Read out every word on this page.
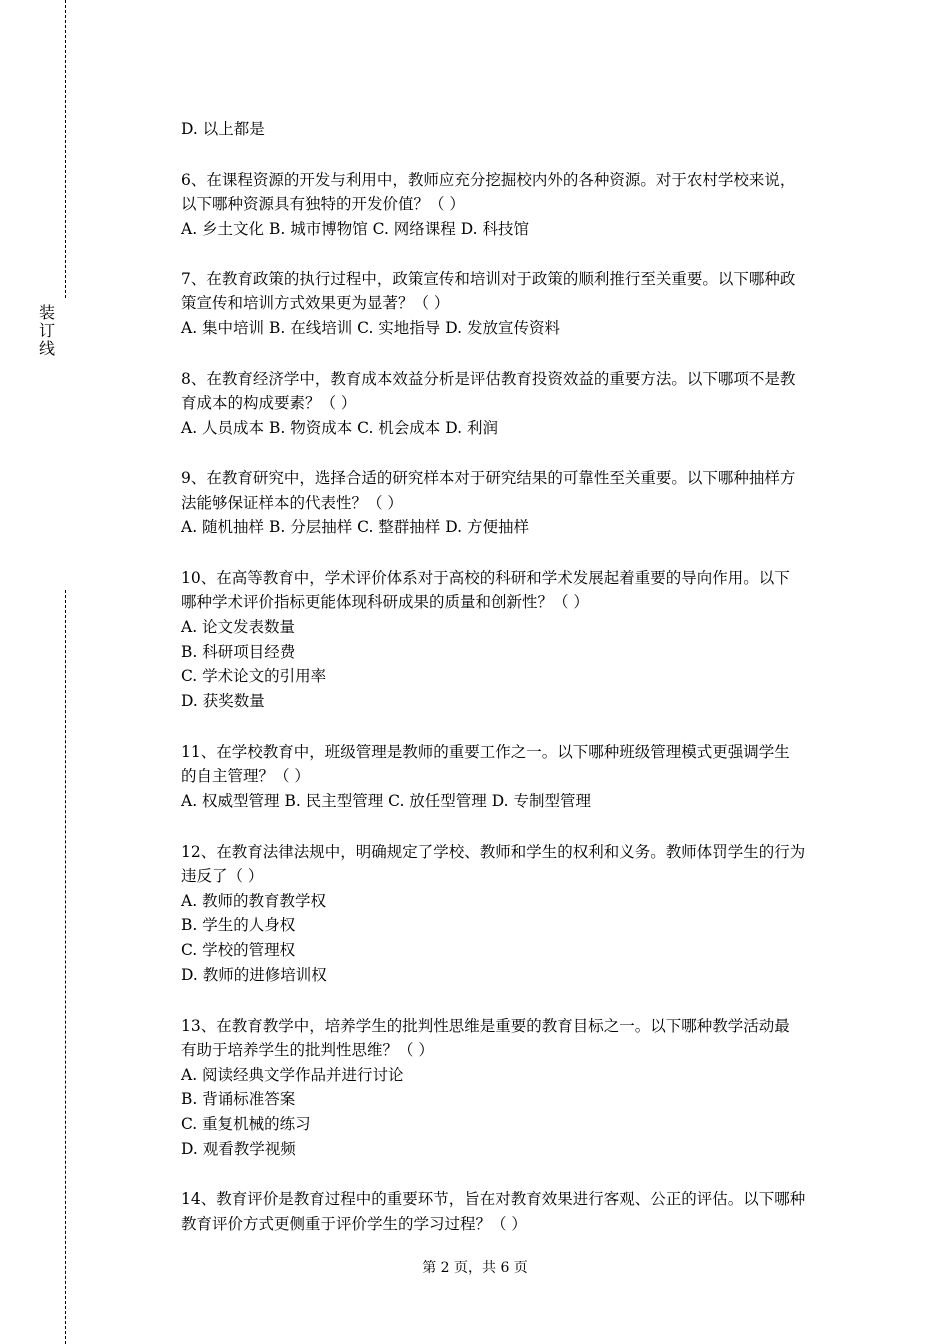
装
订
线
D. 以上都是
6、在课程资源的开发与利用中，教师应充分挖掘校内外的各种资源。对于农村学校来说，
以下哪种资源具有独特的开发价值？（ ）
A. 乡土文化 B. 城市博物馆 C. 网络课程 D. 科技馆
7、在教育政策的执行过程中，政策宣传和培训对于政策的顺利推行至关重要。以下哪种政
策宣传和培训方式效果更为显著？（ ）
A. 集中培训 B. 在线培训 C. 实地指导 D. 发放宣传资料
8、在教育经济学中，教育成本效益分析是评估教育投资效益的重要方法。以下哪项不是教
育成本的构成要素？（ ）
A. 人员成本 B. 物资成本 C. 机会成本 D. 利润
9、在教育研究中，选择合适的研究样本对于研究结果的可靠性至关重要。以下哪种抽样方
法能够保证样本的代表性？（ ）
A. 随机抽样 B. 分层抽样 C. 整群抽样 D. 方便抽样
10、在高等教育中，学术评价体系对于高校的科研和学术发展起着重要的导向作用。以下
哪种学术评价指标更能体现科研成果的质量和创新性？（ ）
A. 论文发表数量
B. 科研项目经费
C. 学术论文的引用率
D. 获奖数量
11、在学校教育中，班级管理是教师的重要工作之一。以下哪种班级管理模式更强调学生
的自主管理？（ ）
A. 权威型管理 B. 民主型管理 C. 放任型管理 D. 专制型管理
12、在教育法律法规中，明确规定了学校、教师和学生的权利和义务。教师体罚学生的行为
违反了（ ）
A. 教师的教育教学权
B. 学生的人身权
C. 学校的管理权
D. 教师的进修培训权
13、在教育教学中，培养学生的批判性思维是重要的教育目标之一。以下哪种教学活动最
有助于培养学生的批判性思维？（ ）
A. 阅读经典文学作品并进行讨论
B. 背诵标准答案
C. 重复机械的练习
D. 观看教学视频
14、教育评价是教育过程中的重要环节，旨在对教育效果进行客观、公正的评估。以下哪种
教育评价方式更侧重于评价学生的学习过程？（ ）
第 2 页，共 6 页
